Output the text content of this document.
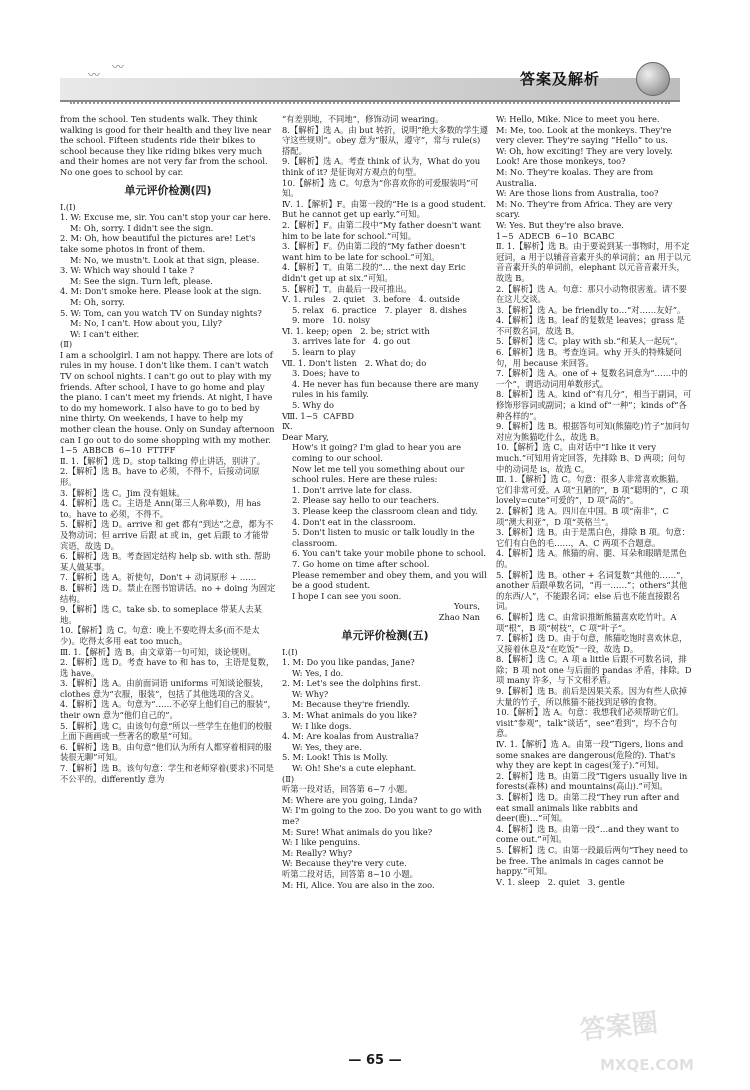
〰
〰
答案及解析

from the school. Ten students walk. They think walking is good for their health and they live near the school. Fifteen students ride their bikes to school because they like riding bikes very much and their homes are not very far from the school. No one goes to school by car.

单元评价检测(四)

Ⅰ.(Ⅰ)

1. W: Excuse me, sir. You can't stop your car here.

M: Oh, sorry. I didn't see the sign.

2. M: Oh, how beautiful the pictures are! Let's take some photos in front of them.

M: No, we mustn't. Look at that sign, please.

3. W: Which way should I take ?

M: See the sign. Turn left, please.

4. M: Don't smoke here. Please look at the sign.

M: Oh, sorry.

5. W: Tom, can you watch TV on Sunday nights?

M: No, I can't. How about you, Lily?

W: I can't either.

(Ⅱ)

I am a schoolgirl. I am not happy. There are lots of rules in my house. I don't like them. I can't watch TV on school nights. I can't go out to play with my friends. After school, I have to go home and play the piano. I can't meet my friends. At night, I have to do my homework. I also have to go to bed by nine thirty. On weekends, I have to help my mother clean the house. Only on Sunday afternoon can I go out to do some shopping with my mother.

1~5  ABBCB  6~10  FTTFF

Ⅱ. 1.【解析】选 D。stop talking 停止讲话，别讲了。

2.【解析】选 B。have to 必须，不得不，后接动词原形。

3.【解析】选 C。Jim 没有姐妹。

4.【解析】选 C。主语是 Ann(第三人称单数)，用 has to。have to 必须，不得不。

5.【解析】选 D。arrive 和 get 都有“到达”之意，都为不及物动词；但 arrive 后跟 at 或 in，get 后跟 to 才能带宾语，故选 D。

6.【解析】选 B。考查固定结构 help sb. with sth. 帮助某人做某事。

7.【解析】选 A。祈使句，Don't + 动词原形 + ……

8.【解析】选 D。禁止在图书馆讲话。no + doing 为固定结构。

9.【解析】选 C。take sb. to someplace 带某人去某地。

10.【解析】选 C。句意：晚上不要吃得太多(而不是太少)。吃得太多用 eat too much。

Ⅲ. 1.【解析】选 B。由文章第一句可知，谈论规则。

2.【解析】选 D。考查 have to 和 has to，主语是复数，选 have。

3.【解析】选 A。由前面词语 uniforms 可知谈论服装，clothes 意为“衣服，服装”，包括了其他选项的含义。

4.【解析】选 A。句意为“……不必穿上他们自己的服装”，their own 意为“他们自己的”。

5.【解析】选 C。由该句句意“所以一些学生在他们的校服上面下画画或一些著名的歌星”可知。

6.【解析】选 B。由句意“他们认为所有人都穿着相同的服装很无聊”可知。

7.【解析】选 B。该句句意：学生和老师穿着(要求)不同是不公平的。differently 意为

“有差别地，不同地”，修饰动词 wearing。

8.【解析】选 A。由 but 转折，说明“绝大多数的学生遵守这些规则”。obey 意为“服从，遵守”，常与 rule(s)搭配。

9.【解析】选 A。考查 think of 认为，What do you think of it? 是征询对方观点的句型。

10.【解析】选 C。句意为“你喜欢你的可爱服装吗”可知。

Ⅳ. 1.【解析】F。由第一段的“He is a good student. But he cannot get up early.”可知。

2.【解析】F。由第二段中“My father doesn't want him to be late for school.”可知。

3.【解析】F。仍由第二段的“My father doesn't want him to be late for school.”可知。

4.【解析】T。由第二段的“… the next day Eric didn't get up at six.”可知。

5.【解析】T。由最后一段可推出。

Ⅴ. 1. rules   2. quiet   3. before   4. outside

5. relax   6. practice   7. player   8. dishes

9. more   10. noisy

Ⅵ. 1. keep; open   2. be; strict with

3. arrives late for   4. go out

5. learn to play

Ⅶ. 1. Don't listen   2. What do; do

3. Does; have to

4. He never has fun because there are many rules in his family.

5. Why do

Ⅷ. 1~5  CAFBD

Ⅸ.

Dear Mary,

How's it going? I'm glad to hear you are coming to our school.

Now let me tell you something about our school rules. Here are these rules:

1. Don't arrive late for class.

2. Please say hello to our teachers.

3. Please keep the classroom clean and tidy.

4. Don't eat in the classroom.

5. Don't listen to music or talk loudly in the classroom.

6. You can't take your mobile phone to school.

7. Go home on time after school.

Please remember and obey them, and you will be a good student.

I hope I can see you soon.

Yours,

Zhao Nan

单元评价检测(五)

Ⅰ.(Ⅰ)

1. M: Do you like pandas, Jane?

W: Yes, I do.

2. M: Let's see the dolphins first.

W: Why?

M: Because they're friendly.

3. M: What animals do you like?

W: I like dogs.

4. M: Are koalas from Australia?

W: Yes, they are.

5. M: Look! This is Molly.

W: Oh! She's a cute elephant.

(Ⅱ)

听第一段对话，回答第 6~7 小题。

M: Where are you going, Linda?

W: I'm going to the zoo. Do you want to go with me?

M: Sure! What animals do you like?

W: I like penguins.

M: Really? Why?

W: Because they're very cute.

听第二段对话，回答第 8~10 小题。

M: Hi, Alice. You are also in the zoo.

W: Hello, Mike. Nice to meet you here.

M: Me, too. Look at the monkeys. They're very clever. They're saying “Hello” to us.

W: Oh, how exciting! They are very lovely. Look! Are those monkeys, too?

M: No. They're koalas. They are from Australia.

W: Are those lions from Australia, too?

M: No. They're from Africa. They are very scary.

W: Yes. But they're also brave.

1~5  ADECB  6~10  BCABC

Ⅱ. 1.【解析】选 B。由于要说到某一事物时，用不定冠词，a 用于以辅音音素开头的单词前；an 用于以元音音素开头的单词前，elephant 以元音音素开头，故选 B。

2.【解析】选 A。句意：那只小动物很害羞。请不要在这儿交谈。

3.【解析】选 A。be friendly to…“对……友好”。

4.【解析】选 B。leaf 的复数是 leaves；grass 是不可数名词，故选 B。

5.【解析】选 C。play with sb.“和某人一起玩”。

6.【解析】选 B。考查连词。why 开头的特殊疑问句，用 because 来回答。

7.【解析】选 A。one of + 复数名词意为“……中的一个”，谓语动词用单数形式。

8.【解析】选 A。kind of“有几分”，相当于副词，可修饰形容词或副词；a kind of“一种”；kinds of“各种各样的”。

9.【解析】选 B。根据答句可知(熊猫吃)竹子”加问句对应为熊猫吃什么，故选 B。

10.【解析】选 C。由对话中“I like it very much.”可知用肯定回答，先排除 B、D 两项；问句中的动词是 is，故选 C。

Ⅲ. 1.【解析】选 C。句意：很多人非常喜欢熊猫。它们非常可爱。A 项“丑陋的”，B 项“聪明的”，C 项 lovely=cute“可爱的”，D 项“高的”。

2.【解析】选 A。四川在中国。B 项“南非”，C 项“澳大利亚”，D 项“英格兰”。

3.【解析】选 B。由于是黑白色，排除 B 项。句意：它们有白色的毛……，A、C 两项不合题意。

4.【解析】选 A。熊猫的肩、腿、耳朵和眼睛是黑色的。

5.【解析】选 B。other + 名词复数“其他的……”，another 后跟单数名词，“再一……”；others“其他的东西/人”，不能跟名词；else 后也不能直接跟名词。

6.【解析】选 C。由常识推断熊猫喜欢吃竹叶。A 项“根”，B 项“树枝”，C 项“叶子”。

7.【解析】选 D。由于句意，熊猫吃饱时喜欢休息，又接着休息及“在吃饭”一段，故选 D。

8.【解析】选 C。A 项 a little 后跟不可数名词，排除；B 项 not one 与后面的 pandas 矛盾，排除。D 项 many 许多，与下文相矛盾。

9.【解析】选 B。前后是因果关系。因为有些人砍掉大量的竹子，所以熊猫不能找到足够的食物。

10.【解析】选 A。句意：我想我们必须帮助它们。visit“参观”，talk“谈话”，see“看到”，均不合句意。

Ⅳ. 1.【解析】选 A。由第一段“Tigers, lions and some snakes are dangerous(危险的). That's why they are kept in cages(笼子).”可知。

2.【解析】选 B。由第二段“Tigers usually live in forests(森林) and mountains(高山).”可知。

3.【解析】选 D。由第二段“They run after and eat small animals like rabbits and deer(鹿)…”可知。

4.【解析】选 B。由第一段“…and they want to come out.”可知。

5.【解析】选 C。由第一段最后两句“They need to be free. The animals in cages cannot be happy.”可知。

Ⅴ. 1. sleep   2. quiet   3. gentle

— 65 —
答案圈
MXQE.COM
